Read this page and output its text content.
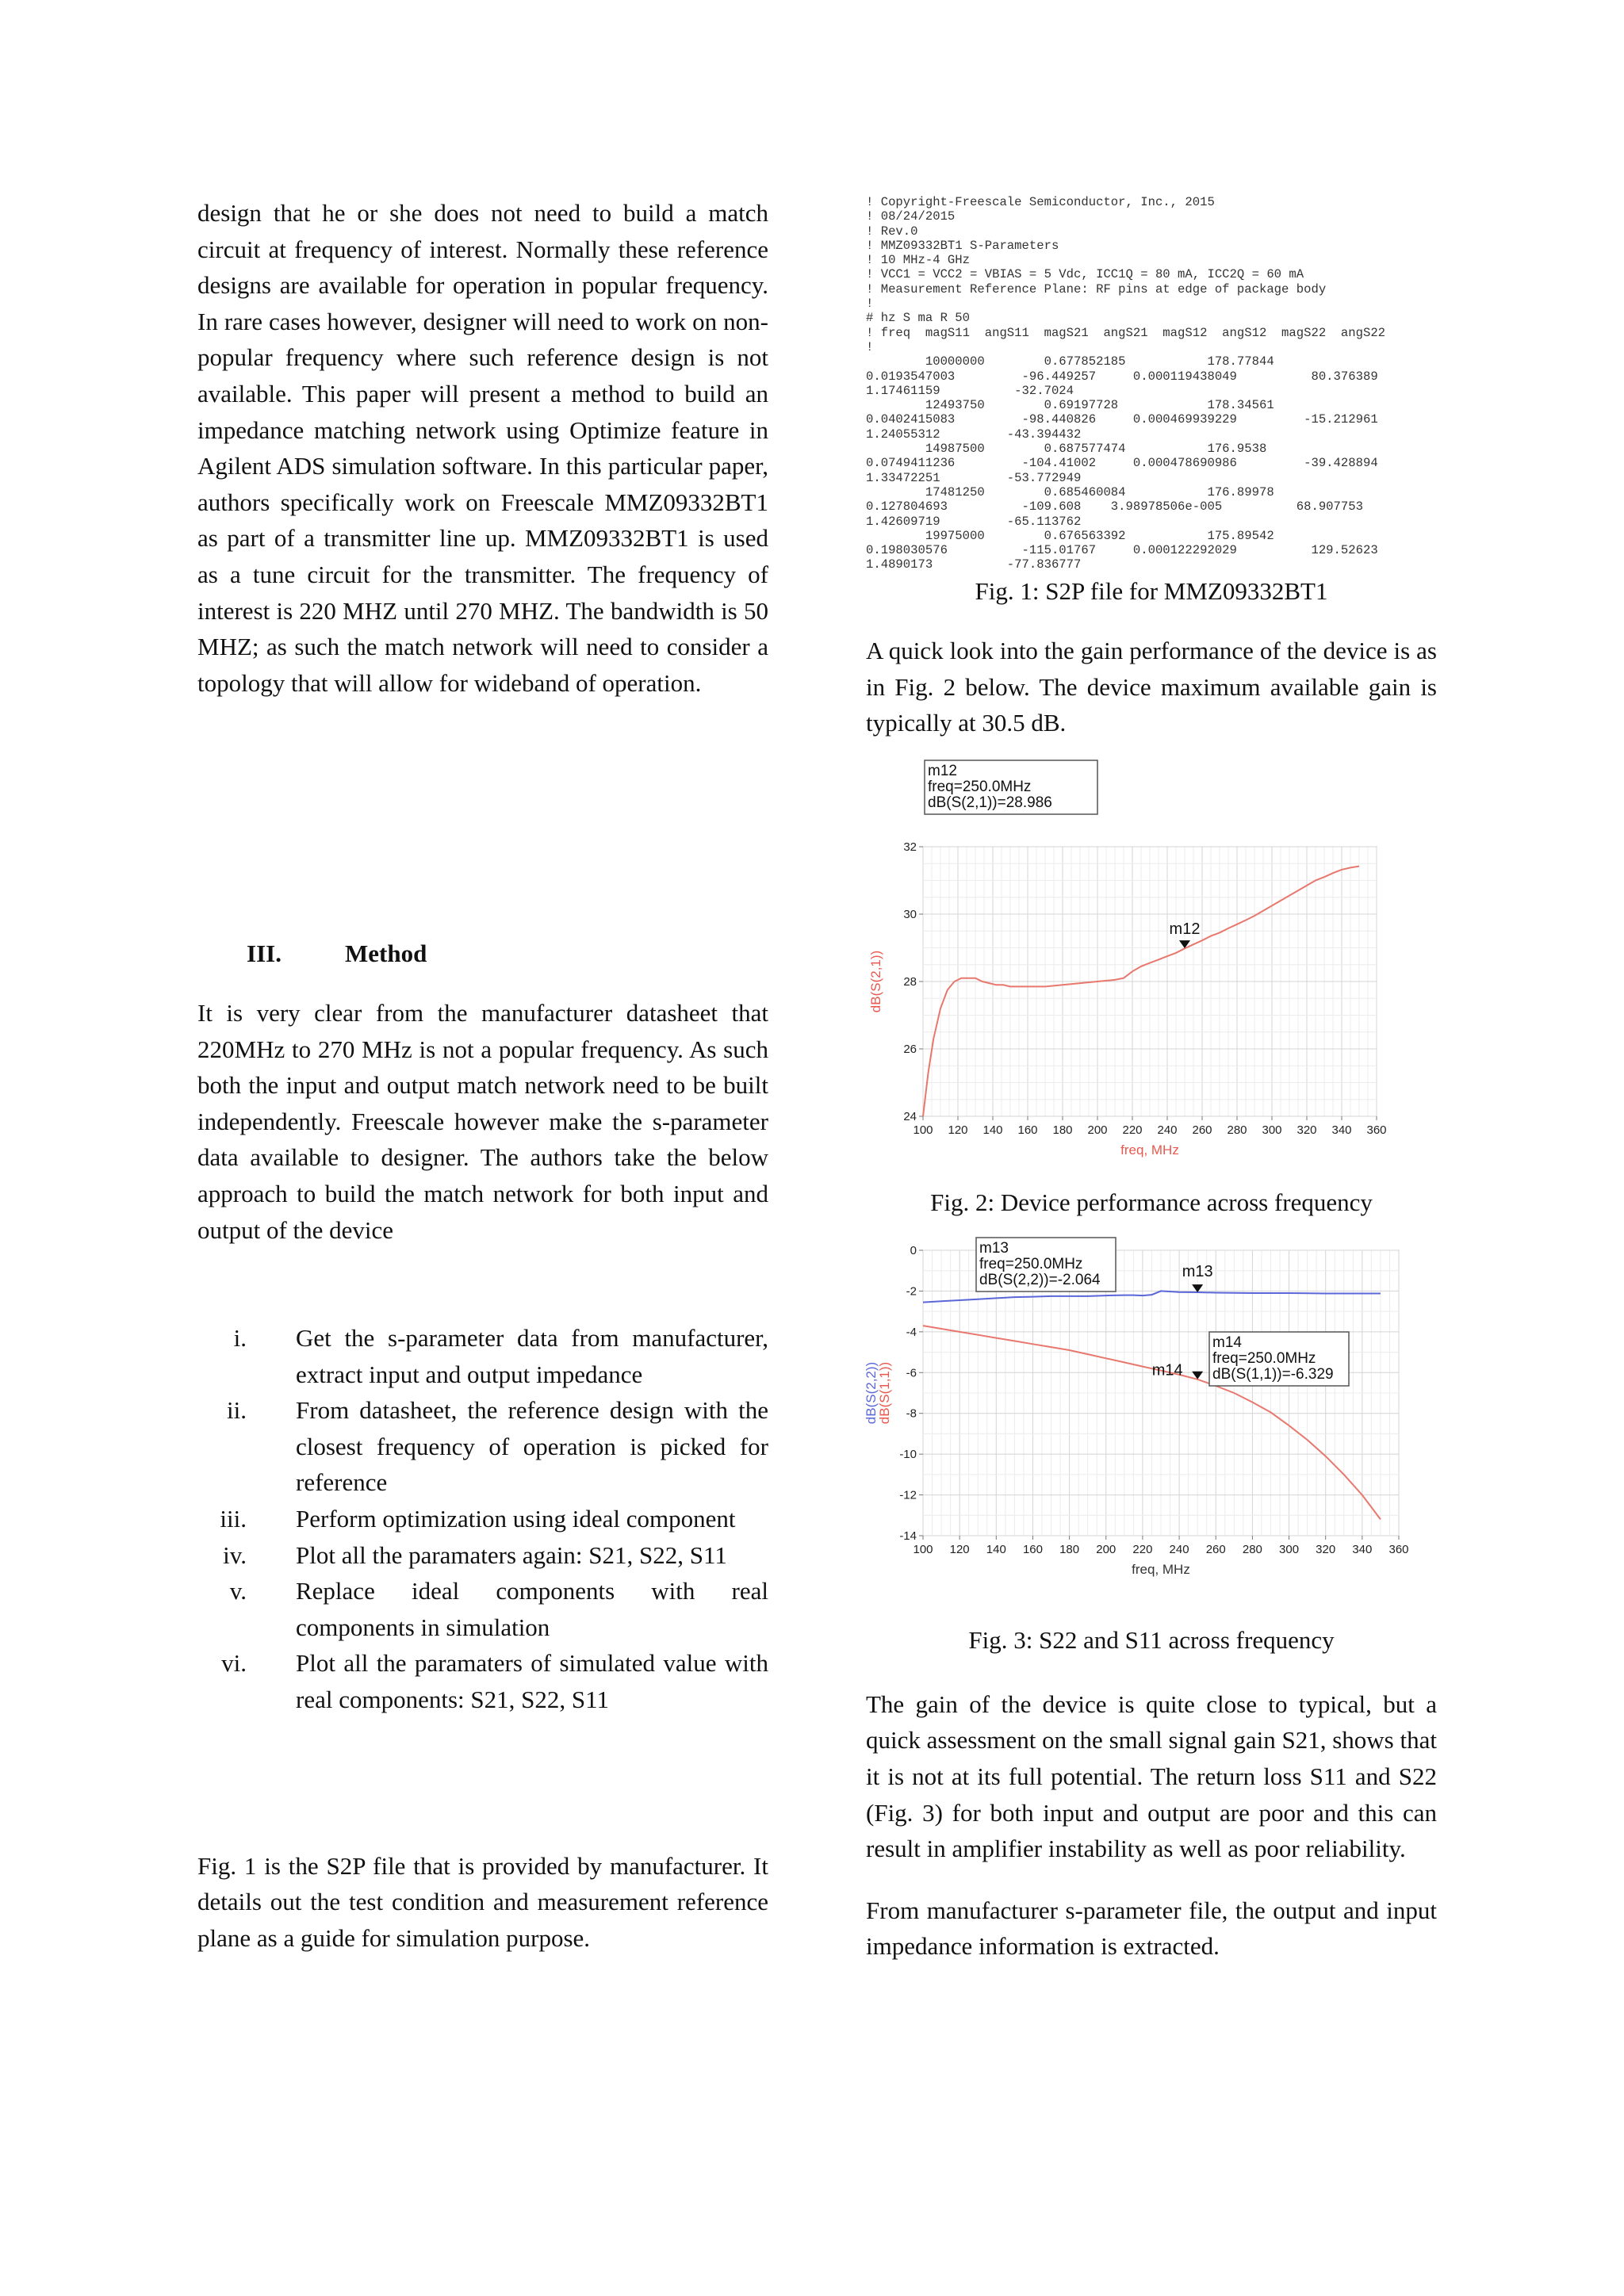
design that he or she does not need to build a match circuit at frequency of interest. Normally these reference designs are available for operation in popular frequency. In rare cases however, designer will need to work on non-popular frequency where such reference design is not available. This paper will present a method to build an impedance matching network using Optimize feature in Agilent ADS simulation software. In this particular paper, authors specifically work on Freescale MMZ09332BT1 as part of a transmitter line up. MMZ09332BT1 is used as a tune circuit for the transmitter. The frequency of interest is 220 MHZ until 270 MHZ. The bandwidth is 50 MHZ; as such the match network will need to consider a topology that will allow for wideband of operation.

III.	Method

It is very clear from the manufacturer datasheet that 220MHz to 270 MHz is not a popular frequency. As such both the input and output match network need to be built independently. Freescale however make the s-parameter data available to designer. The authors take the below approach to build the match network for both input and output of the device

i. Get the s-parameter data from manufacturer, extract input and output impedance
ii. From datasheet, the reference design with the closest frequency of operation is picked for reference
iii. Perform optimization using ideal component
iv. Plot all the paramaters again: S21, S22, S11
v. Replace ideal components with real components in simulation
vi. Plot all the paramaters of simulated value with real components: S21, S22, S11

Fig. 1 is the S2P file that is provided by manufacturer. It details out the test condition and measurement reference plane as a guide for simulation purpose.

! Copyright-Freescale Semiconductor, Inc., 2015
! 08/24/2015
! Rev.0
! MMZ09332BT1 S-Parameters
! 10 MHz-4 GHz
! VCC1 = VCC2 = VBIAS = 5 Vdc, ICC1Q = 80 mA, ICC2Q = 60 mA
! Measurement Reference Plane: RF pins at edge of package body
!
# hz S ma R 50
! freq  magS11  angS11  magS21  angS21  magS12  angS12  magS22  angS22
!
10000000        0.677852185           178.77844
0.0193547003         -96.449257     0.000119438049          80.376389
1.17461159          -32.7024
12493750        0.69197728            178.34561
0.0402415083         -98.440826     0.000469939229         -15.212961
1.24055312         -43.394432
14987500        0.687577474           176.9538
0.0749411236         -104.41002     0.000478690986         -39.428894
1.33472251         -53.772949
17481250        0.685460084           176.89978
0.127804693          -109.608    3.98978506e-005          68.907753
1.42609719         -65.113762
19975000        0.676563392           175.89542
0.198030576          -115.01767     0.000122292029          129.52623
1.4890173          -77.836777
Fig. 1: S2P file for MMZ09332BT1

A quick look into the gain performance of the device is as in Fig. 2 below. The device maximum available gain is typically at 30.5 dB.

100 120 140 160 180 200 220 240 260 280 300 320 340 360
24
26
28
30
32
freq, MHz
dB(S(2,1))
m12
m12
freq=250.0MHz
dB(S(2,1))=28.986
Fig. 2: Device performance across frequency
100 120 140 160 180 200 220 240 260 280 300 320 340 360
-14
-12
-10
-8
-6
-4
-2
0
freq, MHz
dB(S(2,2))
dB(S(1,1))
m13
m13
freq=250.0MHz
dB(S(2,2))=-2.064
m14
m14
freq=250.0MHz
dB(S(1,1))=-6.329
Fig. 3: S22 and S11 across frequency

The gain of the device is quite close to typical, but a quick assessment on the small signal gain S21, shows that it is not at its full potential. The return loss S11 and S22 (Fig. 3) for both input and output are poor and this can result in amplifier instability as well as poor reliability.

From manufacturer s-parameter file, the output and input impedance information is extracted.
